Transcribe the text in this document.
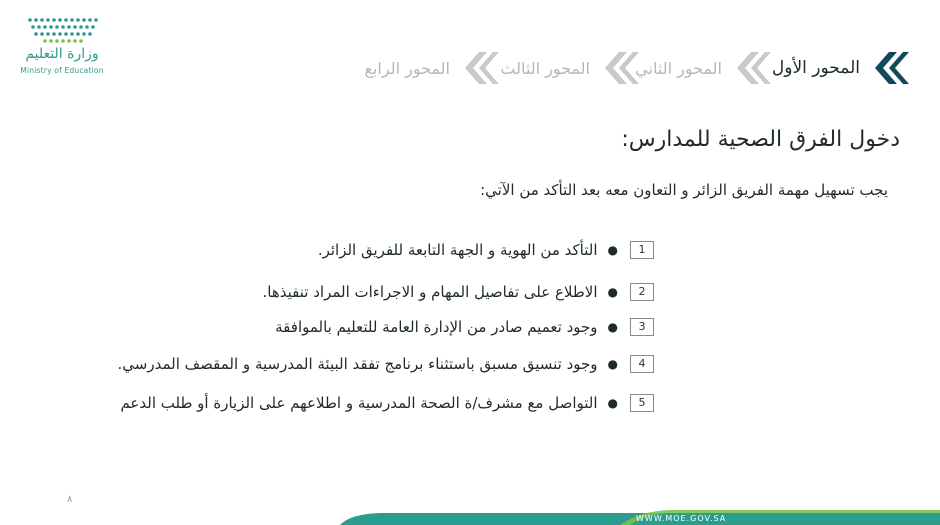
وزارة التعليم
Ministry of Education	المحور الأول
المحور الثاني
المحور الثالث
المحور الرابع
دخول الفرق الصحية للمدارس:
يجب تسهيل مهمة الفريق الزائر و التعاون معه بعد التأكد من الآتي:
1
●
التأكد من الهوية و الجهة التابعة للفريق الزائر.
2
●
الاطلاع على تفاصيل المهام و الاجراءات المراد تنفيذها.
3
●
وجود تعميم صادر من الإدارة العامة للتعليم بالموافقة
4
●
وجود تنسيق مسبق باستثناء برنامج تفقد البيئة المدرسية و المقصف المدرسي.
5
●
التواصل مع مشرف/ة الصحة المدرسية و اطلاعهم على الزيارة أو طلب الدعم
٨
WWW.MOE.GOV.SA
